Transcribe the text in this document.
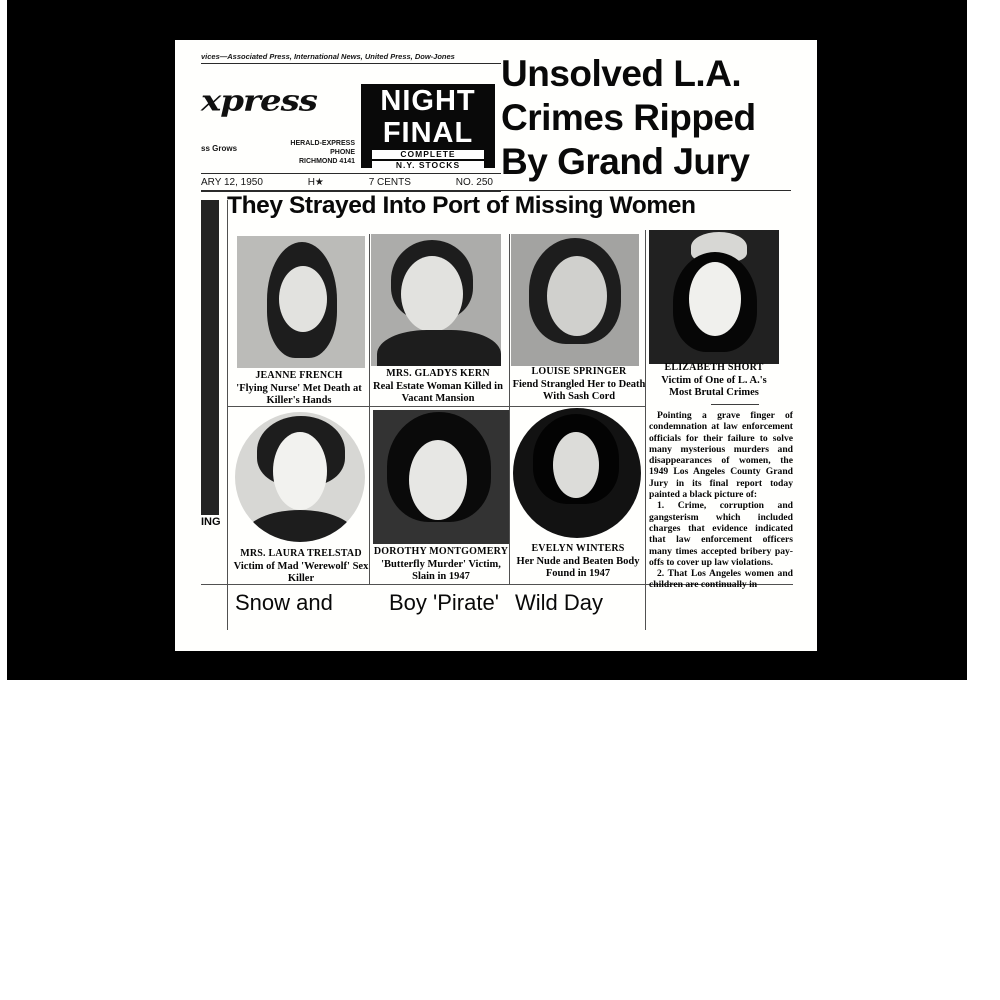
vices—Associated Press, International News, United Press, Dow-Jones
xpress
ss Grows
HERALD-EXPRESS
PHONE
RICHMOND 4141
NIGHT
FINAL
COMPLETE
N.Y. STOCKS
ARY 12, 1950	H★	7 CENTS	NO. 250
Unsolved L.A.
Crimes Ripped
By Grand Jury
They Strayed Into Port of Missing Women
ING
JEANNE FRENCH
'Flying Nurse' Met Death at Killer's Hands
MRS. GLADYS KERN
Real Estate Woman Killed in Vacant Mansion
LOUISE SPRINGER
Fiend Strangled Her to Death With Sash Cord
ELIZABETH SHORT
Victim of One of L. A.'s Most Brutal Crimes
MRS. LAURA TRELSTAD
Victim of Mad 'Werewolf' Sex Killer
DOROTHY MONTGOMERY
'Butterfly Murder' Victim, Slain in 1947
EVELYN WINTERS
Her Nude and Beaten Body Found in 1947

Pointing a grave finger of condemnation at law enforcement officials for their failure to solve many mysterious murders and disappearances of women, the 1949 Los Angeles County Grand Jury in its final report today painted a black picture of:

1. Crime, corruption and gangsterism which included charges that evidence indicated that law enforcement officers many times accepted bribery pay-offs to cover up law violations.

2. That Los Angeles women and children are continually in

Snow and	Boy 'Pirate' Wild Day
